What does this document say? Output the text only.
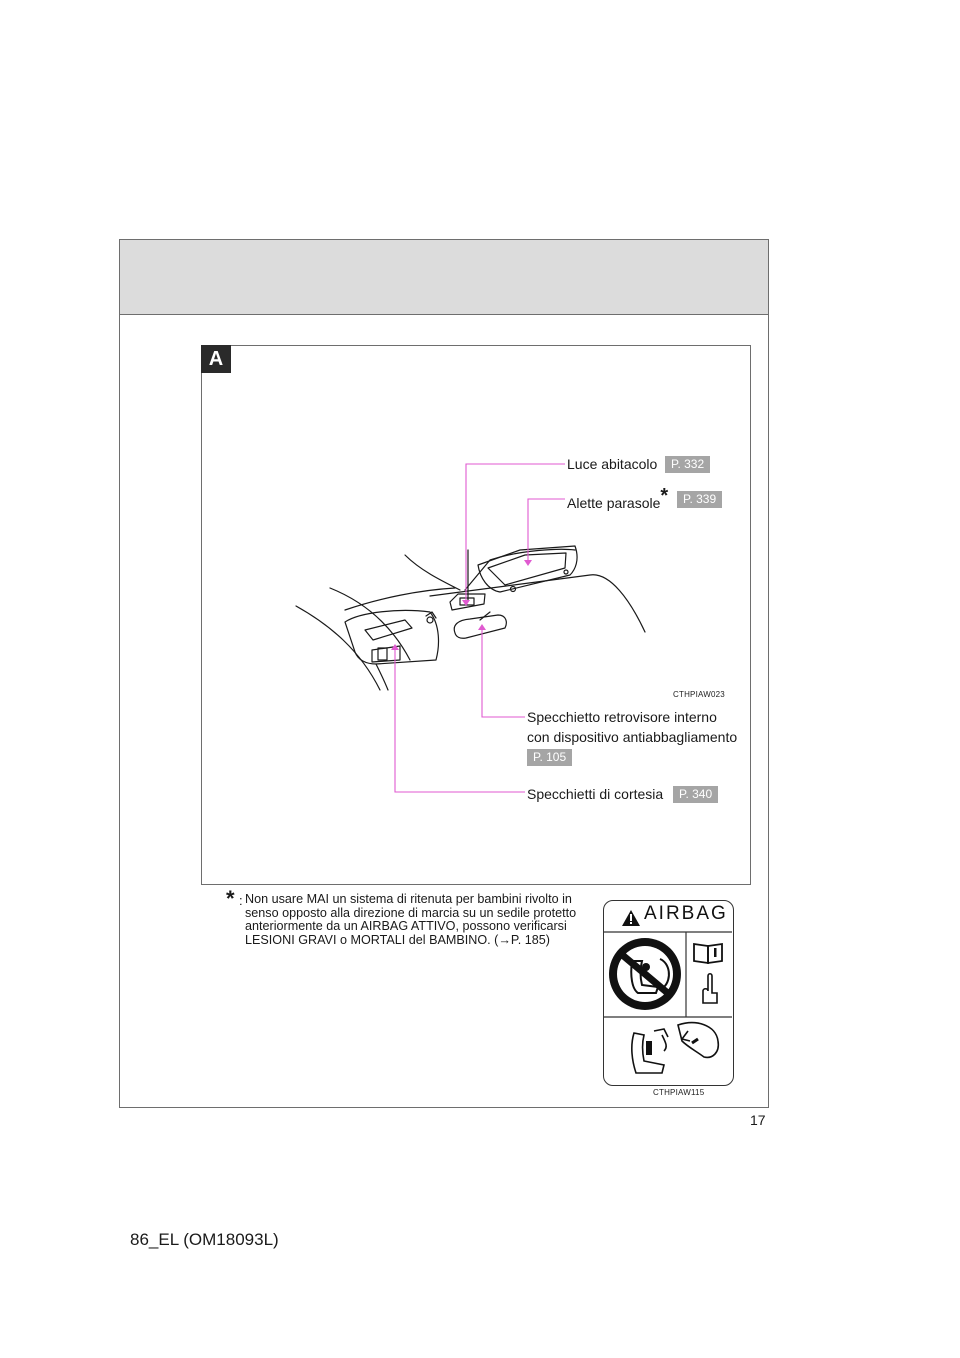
A
Luce abitacolo	P. 332
Alette parasole*	P. 339
Specchietto retrovisore interno
con dispositivo antiabbagliamento
P. 105
Specchietti di cortesia	P. 340
CTHPIAW023
* : Non usare MAI un sistema di ritenuta per bambini rivolto in senso opposto alla direzione di marcia su un sedile protetto anteriormente da un AIRBAG ATTIVO, possono verificarsi LESIONI GRAVI o MORTALI del BAMBINO. (→P. 185)
AIRBAG
CTHPIAW115
17
86_EL (OM18093L)
